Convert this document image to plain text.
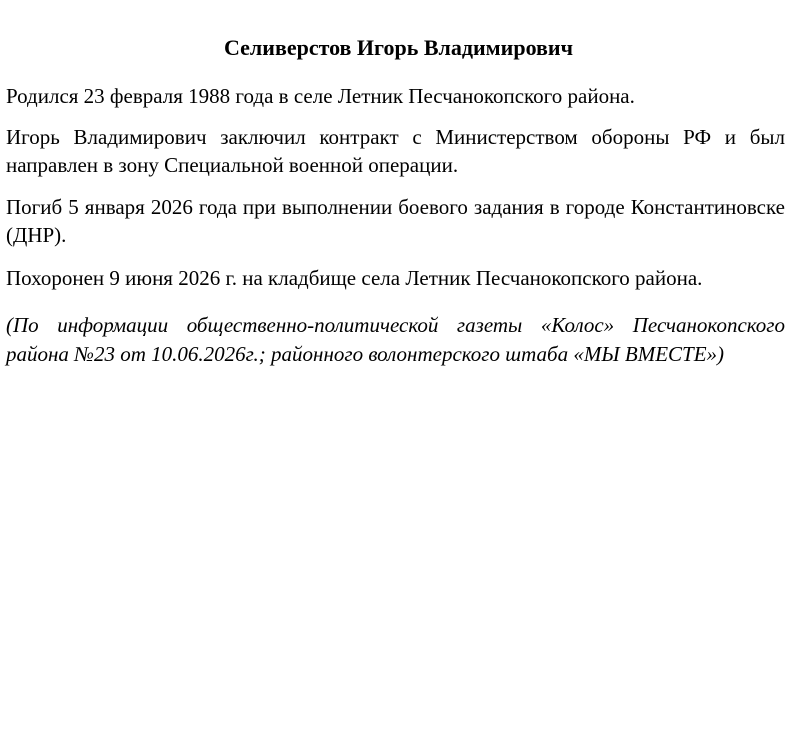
Селиверстов Игорь Владимирович

Родился 23 февраля 1988 года в селе Летник Песчанокопского района.

Игорь Владимирович заключил контракт с Министерством обороны РФ и был направлен в зону Специальной военной операции.

Погиб 5 января 2026 года при выполнении боевого задания в городе Константиновске (ДНР).

Похоронен 9 июня 2026 г. на кладбище села Летник Песчанокопского района.

(По информации общественно-политической газеты «Колос» Песчанокопского района №23 от 10.06.2026г.; районного волонтерского штаба «МЫ ВМЕСТЕ»)
